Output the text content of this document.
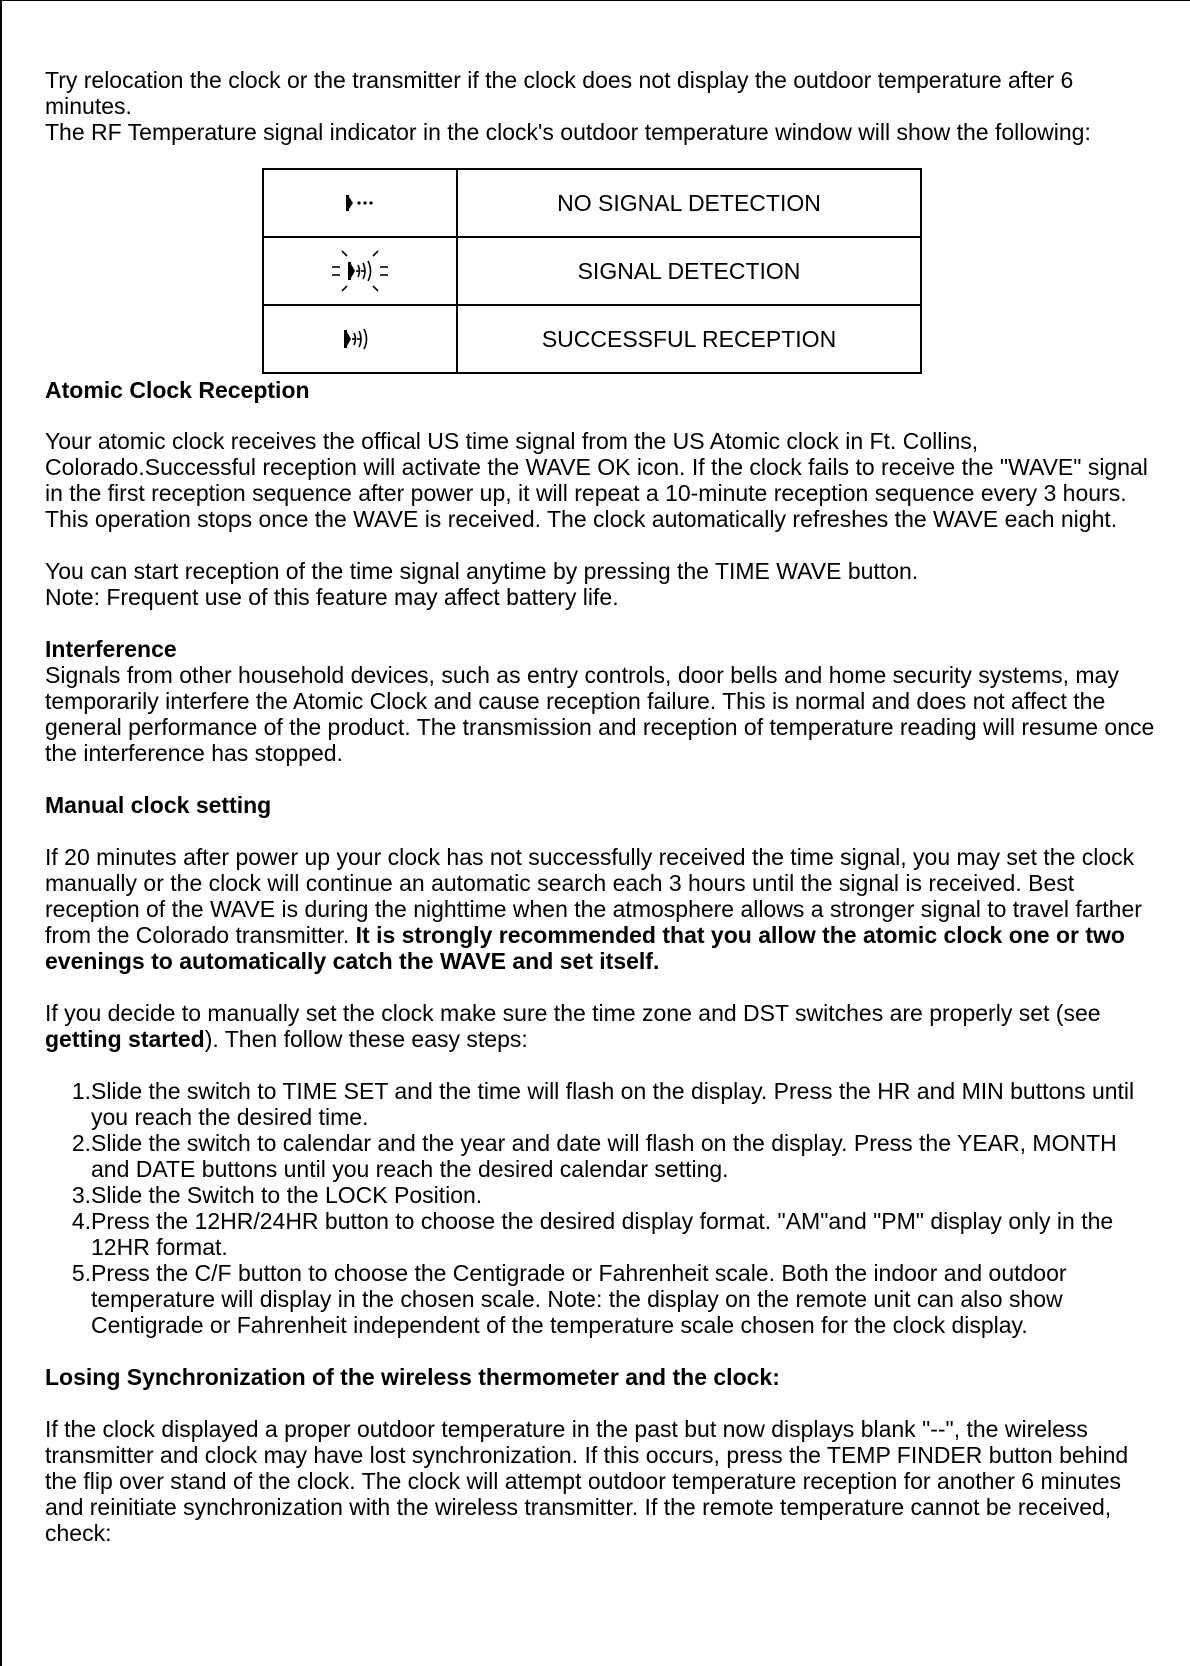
Try relocation the clock or the transmitter if the clock does not display the outdoor temperature after 6 minutes.

The RF Temperature signal indicator in the clock's outdoor temperature window will show the following:

	NO SIGNAL DETECTION
	SIGNAL DETECTION
	SUCCESSFUL RECEPTION

Atomic Clock Reception

Your atomic clock receives the offical US time signal from the US Atomic clock in Ft. Collins, Colorado.Successful reception will activate the WAVE OK icon. If the clock fails to receive the "WAVE" signal in the first reception sequence after power up, it will repeat a 10-minute reception sequence every 3 hours. This operation stops once the WAVE is received. The clock automatically refreshes the WAVE each night.

You can start reception of the time signal anytime by pressing the TIME WAVE button.

Note: Frequent use of this feature may affect battery life.

Interference

Signals from other household devices, such as entry controls, door bells and home security systems, may temporarily interfere the Atomic Clock and cause reception failure. This is normal and does not affect the general performance of the product. The transmission and reception of temperature reading will resume once the interference has stopped.

Manual clock setting

If 20 minutes after power up your clock has not successfully received the time signal, you may set the clock manually or the clock will continue an automatic search each 3 hours until the signal is received. Best reception of the WAVE is during the nighttime when the atmosphere allows a stronger signal to travel farther from the Colorado transmitter. It is strongly recommended that you allow the atomic clock one or two evenings to automatically catch the WAVE and set itself.

If you decide to manually set the clock make sure the time zone and DST switches are properly set (see getting started). Then follow these easy steps:

1. Slide the switch to TIME SET and the time will flash on the display. Press the HR and MIN buttons until you reach the desired time.
2. Slide the switch to calendar and the year and date will flash on the display. Press the YEAR, MONTH and DATE buttons until you reach the desired calendar setting.
3. Slide the Switch to the LOCK Position.
4. Press the 12HR/24HR button to choose the desired display format. "AM"and "PM" display only in the 12HR format.
5. Press the C/F button to choose the Centigrade or Fahrenheit scale. Both the indoor and outdoor temperature will display in the chosen scale. Note: the display on the remote unit can also show Centigrade or Fahrenheit independent of the temperature scale chosen for the clock display.

Losing Synchronization of the wireless thermometer and the clock:

If the clock displayed a proper outdoor temperature in the past but now displays blank "--", the wireless transmitter and clock may have lost synchronization. If this occurs, press the TEMP FINDER button behind the flip over stand of the clock. The clock will attempt outdoor temperature reception for another 6 minutes and reinitiate synchronization with the wireless transmitter. If the remote temperature cannot be received, check:
